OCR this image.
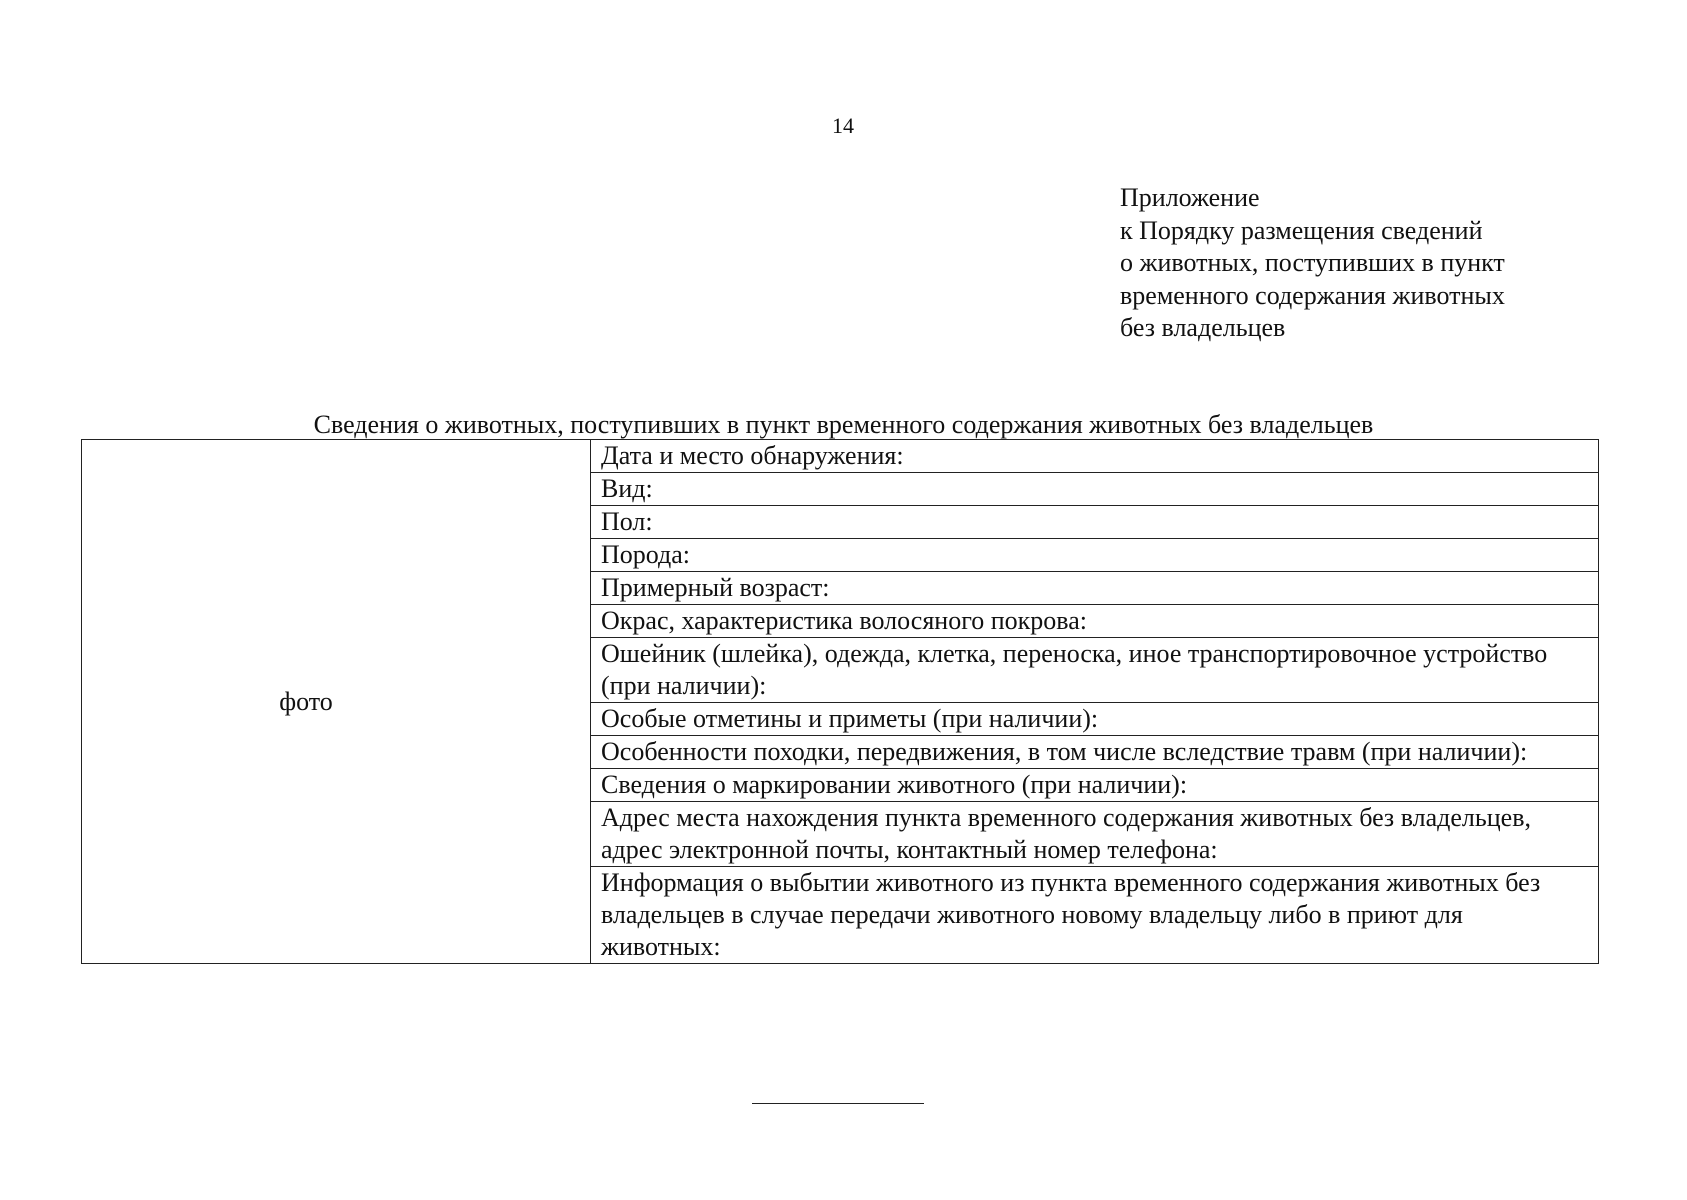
14
Приложение
к Порядку размещения сведений
о животных, поступивших в пункт
временного содержания животных
без владельцев
Сведения о животных, поступивших в пункт временного содержания животных без владельцев
фото	Дата и место обнаружения:
Вид:
Пол:
Порода:
Примерный возраст:
Окрас, характеристика волосяного покрова:
Ошейник (шлейка), одежда, клетка, переноска, иное транспортировочное устройство (при наличии):
Особые отметины и приметы (при наличии):
Особенности походки, передвижения, в том числе вследствие травм (при наличии):
Сведения о маркировании животного (при наличии):
Адрес места нахождения пункта временного содержания животных без владельцев, адрес электронной почты, контактный номер телефона:
Информация о выбытии животного из пункта временного содержания животных без владельцев в случае передачи животного новому владельцу либо в приют для животных:
